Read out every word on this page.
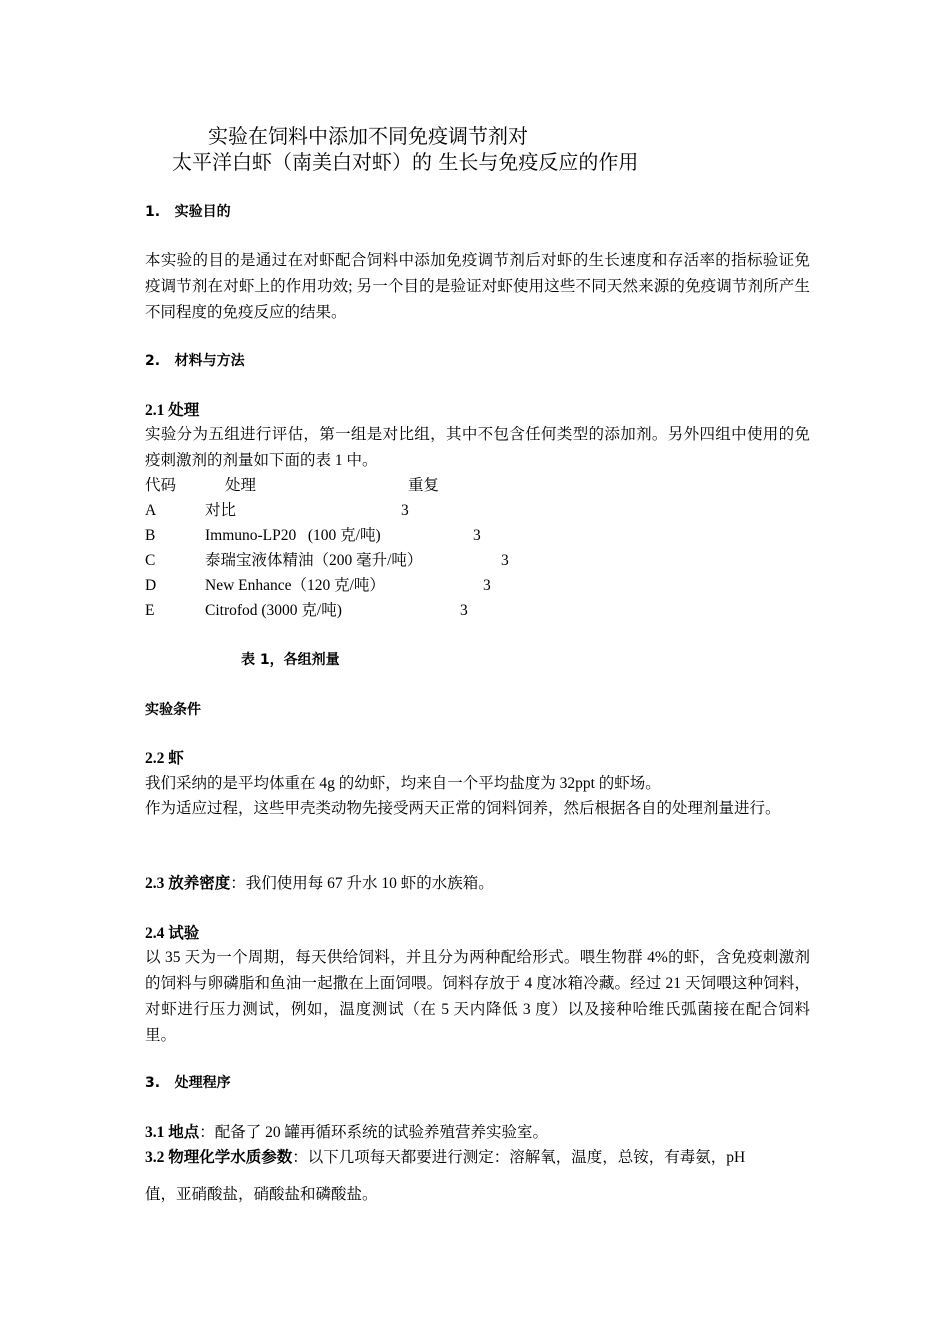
实验在饲料中添加不同免疫调节剂对
太平洋白虾（南美白对虾）的 生长与免疫反应的作用
1.   实验目的
本实验的目的是通过在对虾配合饲料中添加免疫调节剂后对虾的生长速度和存活率的指标验证免疫调节剂在对虾上的作用功效; 另一个目的是验证对虾使用这些不同天然来源的免疫调节剂所产生不同程度的免疫反应的结果。
2.   材料与方法
2.1 处理
实验分为五组进行评估，第一组是对比组，其中不包含任何类型的添加剂。另外四组中使用的免疫刺激剂的剂量如下面的表 1 中。
代码	处理	重复
A	对比	3
B	Immuno-LP20   (100 克/吨)	3
C	泰瑞宝液体精油（200 毫升/吨）	3
D	New Enhance（120 克/吨）	3
E	Citrofod (3000 克/吨)	3
表 1，各组剂量
实验条件
2.2 虾
我们采纳的是平均体重在 4g 的幼虾，均来自一个平均盐度为 32ppt 的虾场。
作为适应过程，这些甲壳类动物先接受两天正常的饲料饲养，然后根据各自的处理剂量进行。
2.3 放养密度：我们使用每 67 升水 10 虾的水族箱。
2.4 试验
以 35 天为一个周期，每天供给饲料，并且分为两种配给形式。喂生物群 4%的虾，含免疫刺激剂的饲料与卵磷脂和鱼油一起撒在上面饲喂。饲料存放于 4 度冰箱冷藏。经过 21 天饲喂这种饲料，对虾进行压力测试，例如，温度测试（在 5 天内降低 3 度）以及接种哈维氏弧菌接在配合饲料里。
3.   处理程序
3.1 地点：配备了 20 罐再循环系统的试验养殖营养实验室。
3.2 物理化学水质参数：以下几项每天都要进行测定：溶解氧，温度，总铵，有毒氨，pH
值，亚硝酸盐，硝酸盐和磷酸盐。
